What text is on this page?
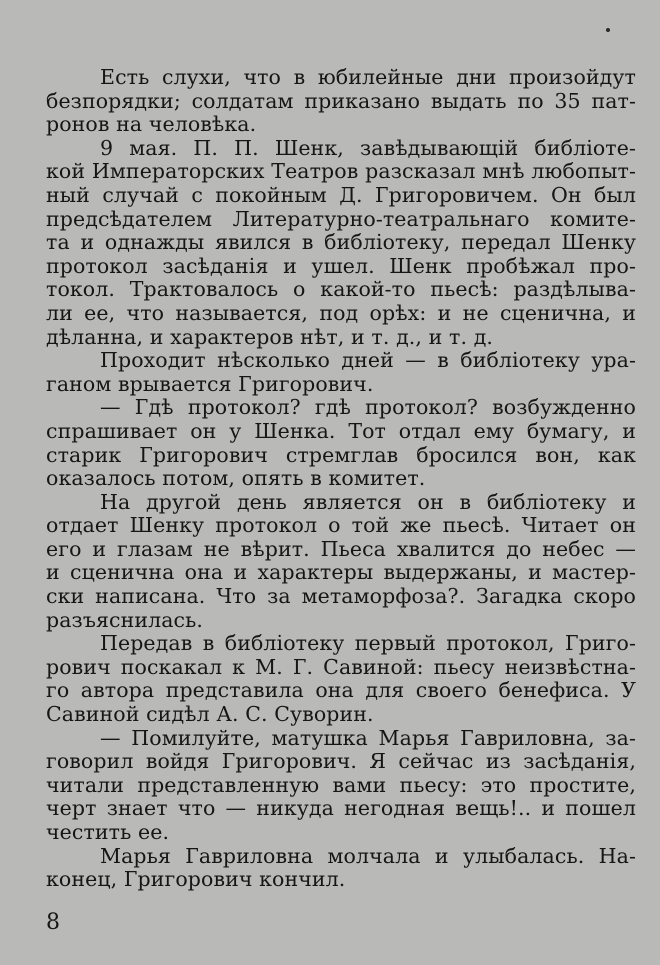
Есть слухи, что в юбилейные дни произойдут
безпорядки; солдатам приказано выдать по 35 пат-
ронов на человѣка.
9 мая. П. П. Шенк, завѣдывающій библіоте-
кой Императорских Театров разсказал мнѣ любопыт-
ный случай с покойным Д. Григоровичем. Он был
предсѣдателем Литературно-театральнаго комите-
та и однажды явился в библіотеку, передал Шенку
протокол засѣданія и ушел. Шенк пробѣжал про-
токол. Трактовалось о какой-то пьесѣ: раздѣлыва-
ли ее, что называется, под орѣх: и не сценична, и
дѣланна, и характеров нѣт, и т. д., и т. д.
Проходит нѣсколько дней — в библіотеку ура-
ганом врывается Григорович.
— Гдѣ протокол? гдѣ протокол? возбужденно
спрашивает он у Шенка. Тот отдал ему бумагу, и
старик Григорович стремглав бросился вон, как
оказалось потом, опять в комитет.
На другой день является он в библіотеку и
отдает Шенку протокол о той же пьесѣ. Читает он
его и глазам не вѣрит. Пьеса хвалится до небес —
и сценична она и характеры выдержаны, и мастер-
ски написана. Что за метаморфоза?. Загадка скоро
разъяснилась.
Передав в библіотеку первый протокол, Григо-
рович поскакал к М. Г. Савиной: пьесу неизвѣстна-
го автора представила она для своего бенефиса. У
Савиной сидѣл А. С. Суворин.
— Помилуйте, матушка Марья Гавриловна, за-
говорил войдя Григорович. Я сейчас из засѣданія,
читали представленную вами пьесу: это простите,
черт знает что — никуда негодная вещь!.. и пошел
честить ее.
Марья Гавриловна молчала и улыбалась. На-
конец, Григорович кончил.
8
